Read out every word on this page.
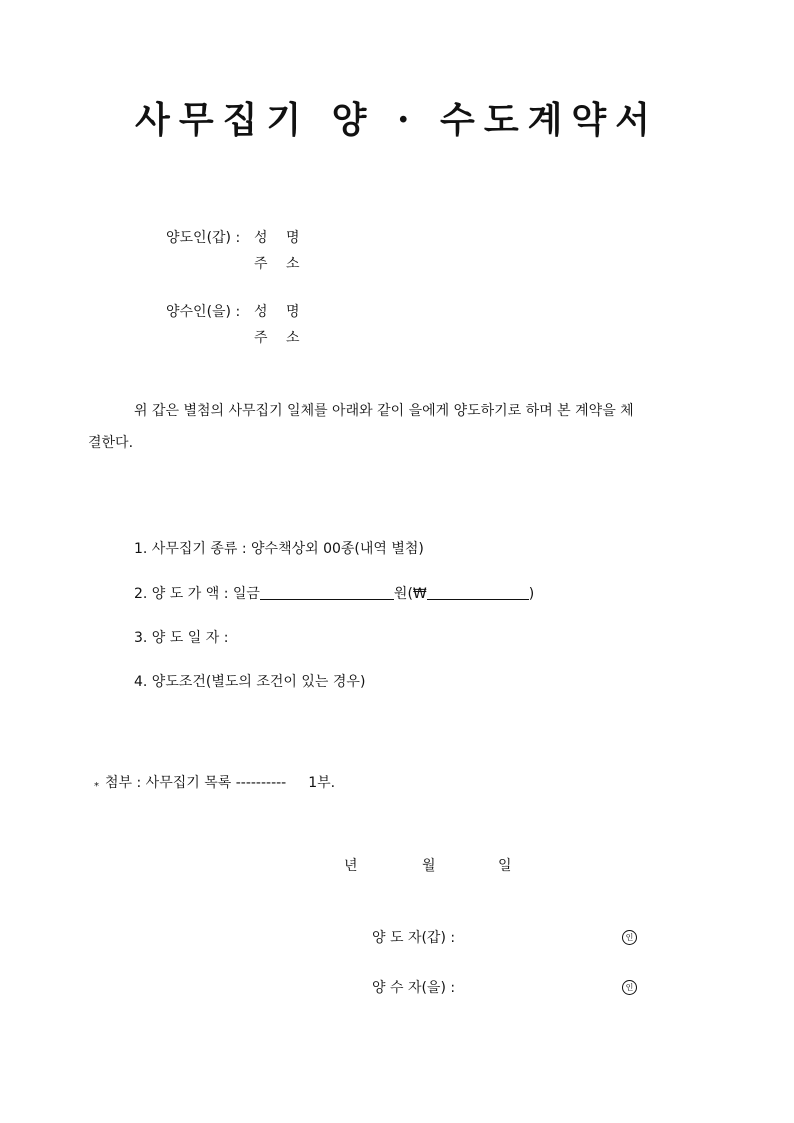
사무집기 양 · 수도계약서
양도인(갑) : 성　 명
주　 소
양수인(을) : 성　 명
주　 소
위 갑은 별첨의 사무집기 일체를 아래와 같이 을에게 양도하기로 하며 본 계약을 체
결한다.
1. 사무집기 종류 : 양수책상외 00종(내역 별첨)
2. 양 도 가 액 : 일금	원(₩	)
3. 양 도 일 자 :
4. 양도조건(별도의 조건이 있는 경우)
* 첨부 : 사무집기 목록 ---------- 1부.
년	월	일
양 도 자(갑) :	인
양 수 자(을) :	인
